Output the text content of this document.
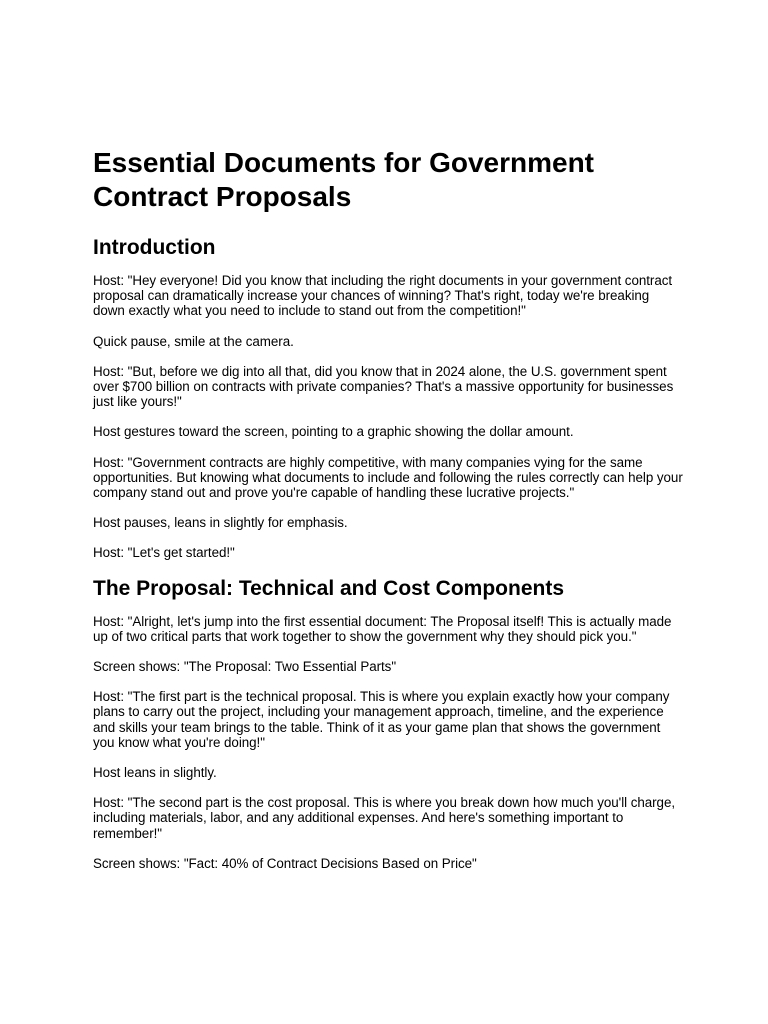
Essential Documents for Government Contract Proposals
Introduction

Host: "Hey everyone! Did you know that including the right documents in your government contract proposal can dramatically increase your chances of winning? That's right, today we're breaking down exactly what you need to include to stand out from the competition!"

Quick pause, smile at the camera.

Host: "But, before we dig into all that, did you know that in 2024 alone, the U.S. government spent over $700 billion on contracts with private companies? That's a massive opportunity for businesses just like yours!"

Host gestures toward the screen, pointing to a graphic showing the dollar amount.

Host: "Government contracts are highly competitive, with many companies vying for the same opportunities. But knowing what documents to include and following the rules correctly can help your company stand out and prove you're capable of handling these lucrative projects."

Host pauses, leans in slightly for emphasis.

Host: "Let's get started!"

The Proposal: Technical and Cost Components

Host: "Alright, let's jump into the first essential document: The Proposal itself! This is actually made up of two critical parts that work together to show the government why they should pick you."

Screen shows: "The Proposal: Two Essential Parts"

Host: "The first part is the technical proposal. This is where you explain exactly how your company plans to carry out the project, including your management approach, timeline, and the experience and skills your team brings to the table. Think of it as your game plan that shows the government you know what you're doing!"

Host leans in slightly.

Host: "The second part is the cost proposal. This is where you break down how much you'll charge, including materials, labor, and any additional expenses. And here's something important to remember!"

Screen shows: "Fact: 40% of Contract Decisions Based on Price"
